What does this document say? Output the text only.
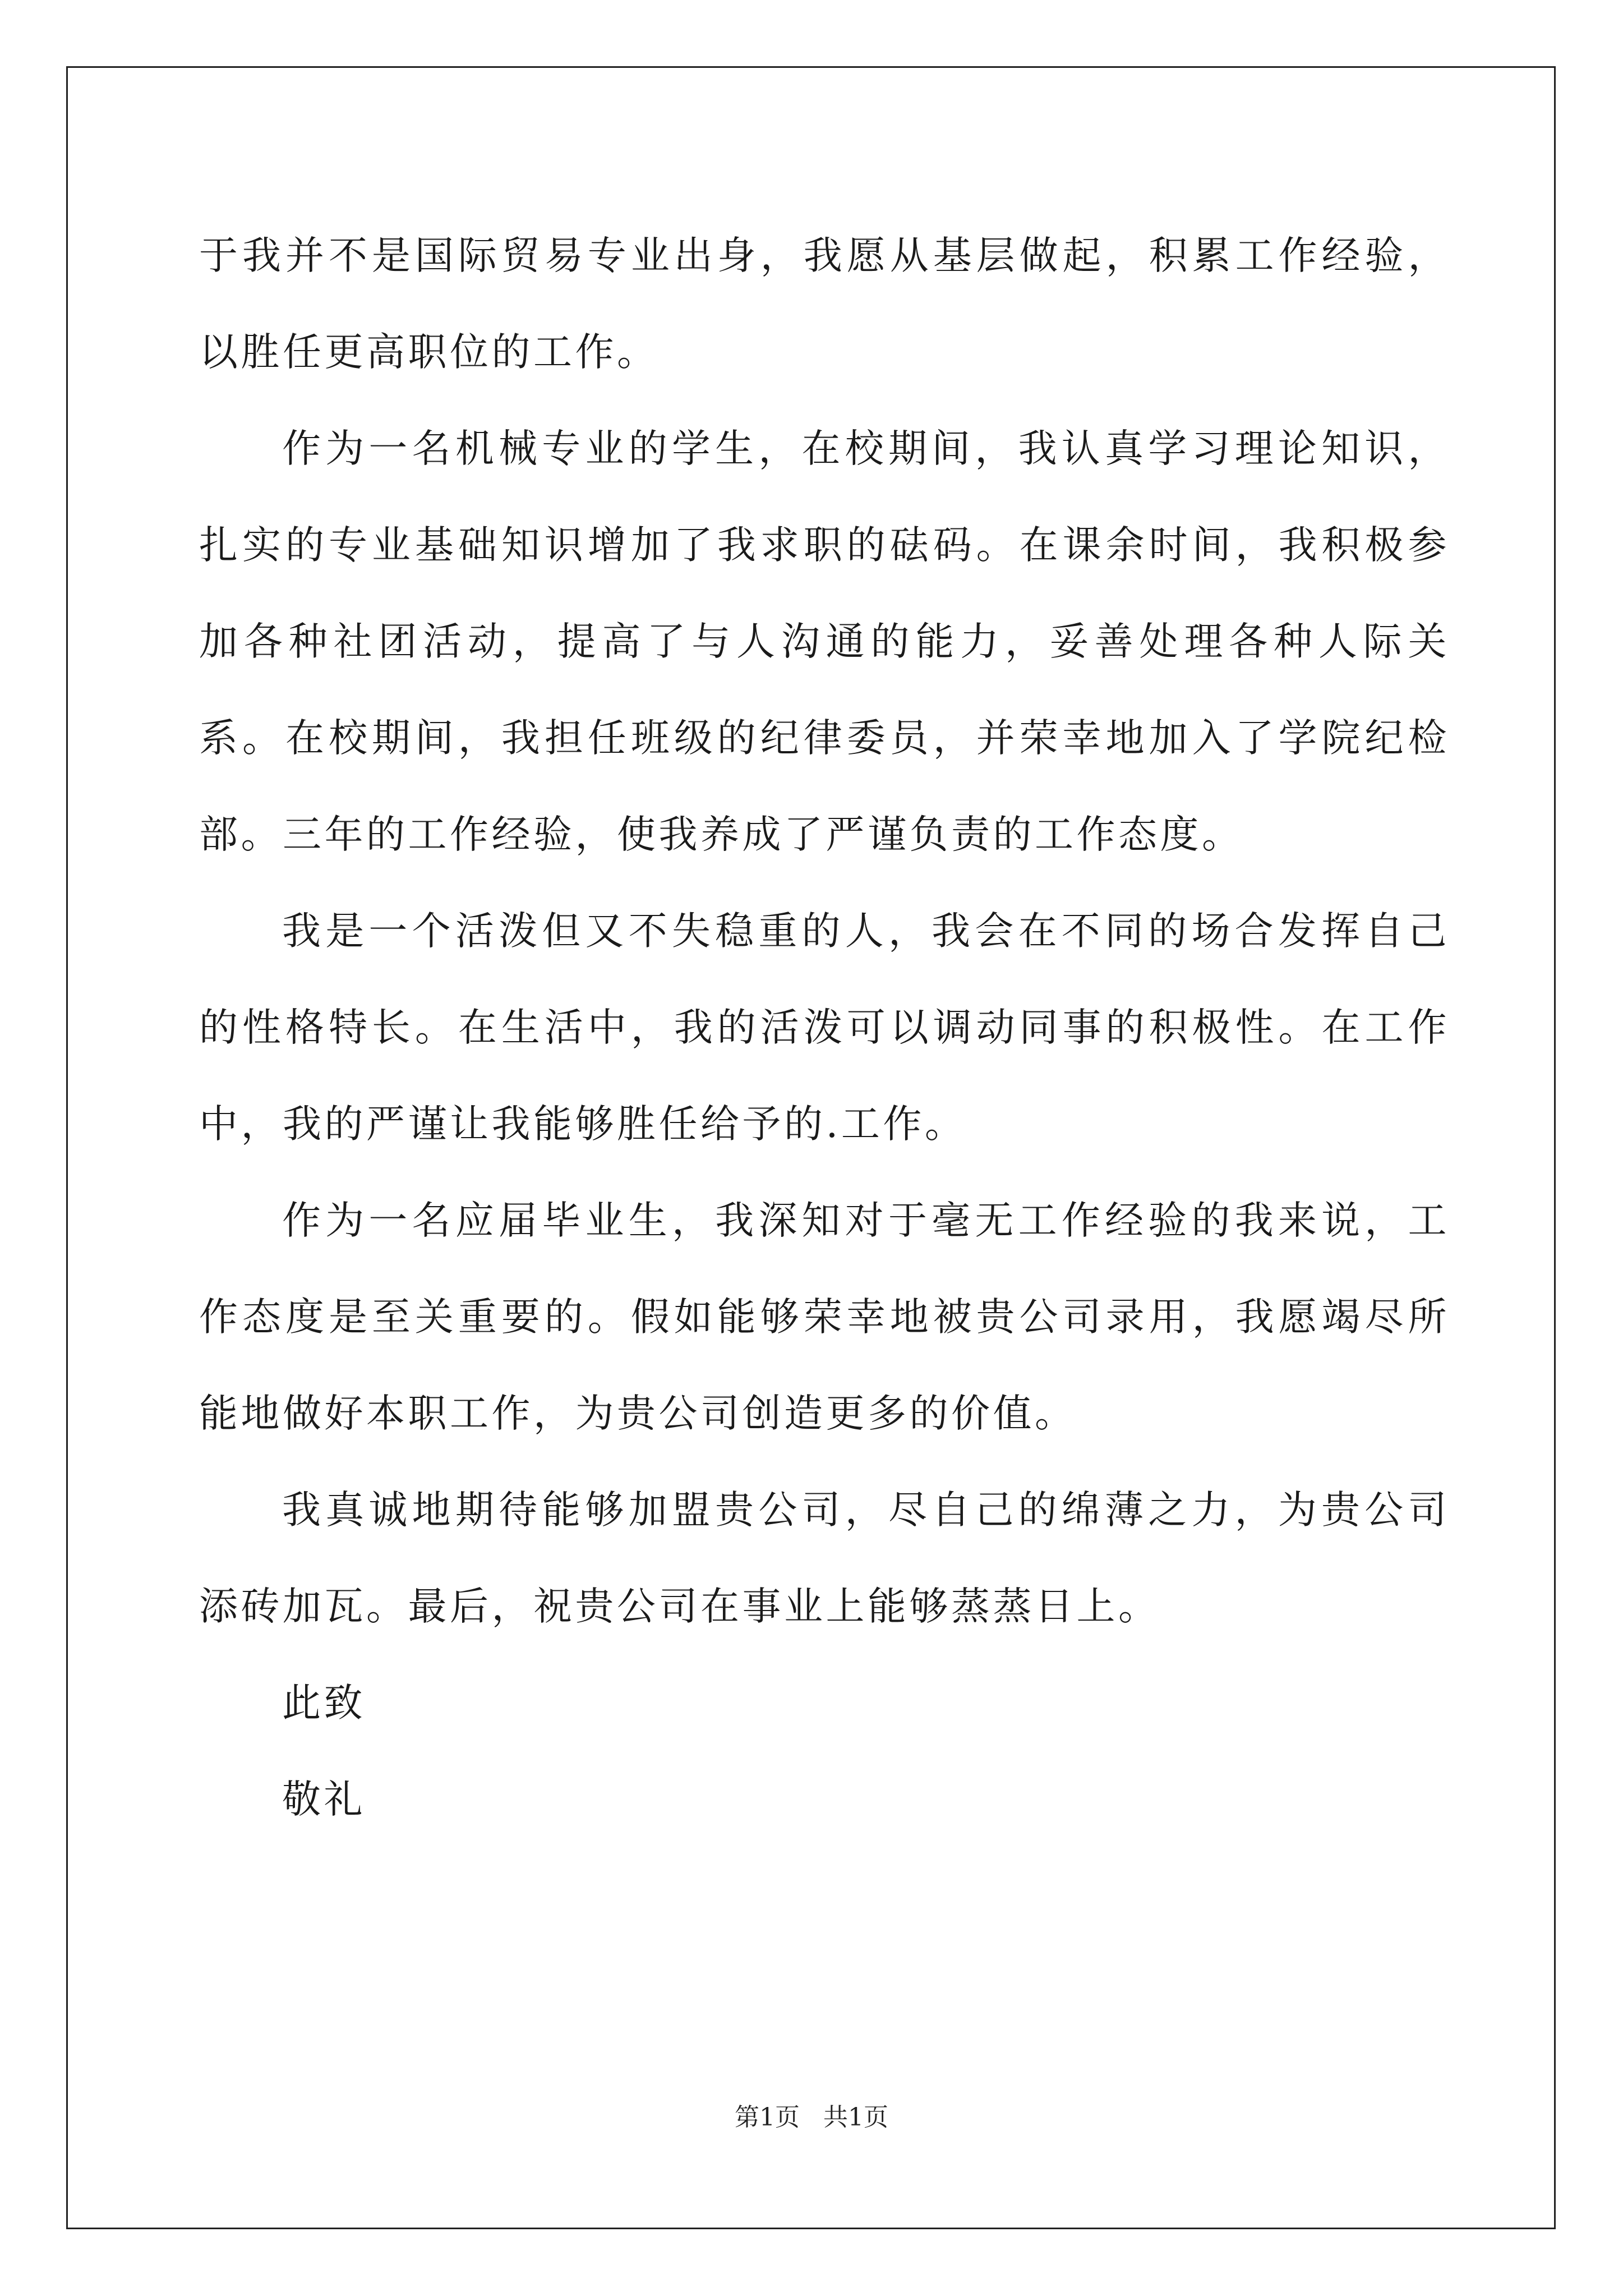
于我并不是国际贸易专业出身，我愿从基层做起，积累工作经验，以胜任更高职位的工作。

作为一名机械专业的学生，在校期间，我认真学习理论知识，扎实的专业基础知识增加了我求职的砝码。在课余时间，我积极参加各种社团活动，提高了与人沟通的能力，妥善处理各种人际关系。在校期间，我担任班级的纪律委员，并荣幸地加入了学院纪检部。三年的工作经验，使我养成了严谨负责的工作态度。

我是一个活泼但又不失稳重的人，我会在不同的场合发挥自己的性格特长。在生活中，我的活泼可以调动同事的积极性。在工作中，我的严谨让我能够胜任给予的.工作。

作为一名应届毕业生，我深知对于毫无工作经验的我来说，工作态度是至关重要的。假如能够荣幸地被贵公司录用，我愿竭尽所能地做好本职工作，为贵公司创造更多的价值。

我真诚地期待能够加盟贵公司，尽自己的绵薄之力，为贵公司添砖加瓦。最后，祝贵公司在事业上能够蒸蒸日上。

此致

敬礼

第1页 共1页
